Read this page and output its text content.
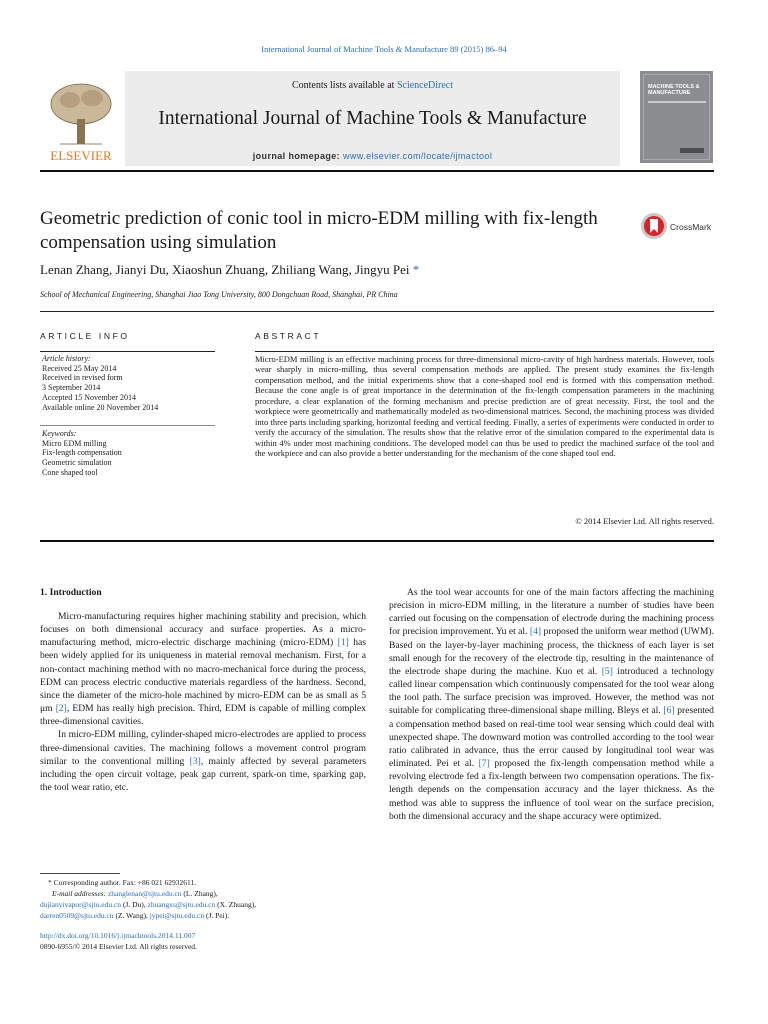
International Journal of Machine Tools & Manufacture 89 (2015) 86–94
ELSEVIER
Contents lists available at ScienceDirect
International Journal of Machine Tools & Manufacture
journal homepage: www.elsevier.com/locate/ijmactool
MACHINE TOOLS & MANUFACTURE
Geometric prediction of conic tool in micro-EDM milling with fix-length compensation using simulation
CrossMark
Lenan Zhang, Jianyi Du, Xiaoshun Zhuang, Zhiliang Wang, Jingyu Pei *
School of Mechanical Engineering, Shanghai Jiao Tong University, 800 Dongchuan Road, Shanghai, PR China
ARTICLE INFO	ABSTRACT
Article history:
Received 25 May 2014
Received in revised form
3 September 2014
Accepted 15 November 2014
Available online 20 November 2014
Keywords:
Micro EDM milling
Fix-length compensation
Geometric simulation
Cone shaped tool
Micro-EDM milling is an effective machining process for three-dimensional micro-cavity of high hardness materials. However, tools wear sharply in micro-milling, thus several compensation methods are applied. The present study examines the fix-length compensation method, and the initial experiments show that a cone-shaped tool end is formed with this compensation method. Because the cone angle is of great importance in the determination of the fix-length compensation parameters in the machining procedure, a clear explanation of the forming mechanism and precise prediction are of great necessity. First, the tool and the workpiece were geometrically and mathematically modeled as two-dimensional matrices. Second, the machining process was divided into three parts including sparking, horizontal feeding and vertical feeding. Finally, a series of experiments were conducted in order to verify the accuracy of the simulation. The results show that the relative error of the simulation compared to the experimental data is within 4% under most machining conditions. The developed model can thus be used to predict the machined surface of the tool and the workpiece and can also provide a better understanding for the mechanism of the cone shaped tool end.
© 2014 Elsevier Ltd. All rights reserved.
1. Introduction

Micro-manufacturing requires higher machining stability and precision, which focuses on both dimensional accuracy and surface properties. As a micro-manufacturing method, micro-electric discharge machining (micro-EDM) [1] has been widely applied for its uniqueness in material removal mechanism. First, for a non-contact machining method with no macro-mechanical force during the process, EDM can process electric conductive materials regardless of the hardness. Second, since the diameter of the micro-hole machined by micro-EDM can be as small as 5 μm [2], EDM has really high precision. Third, EDM is capable of milling complex three-dimensional cavities.

In micro-EDM milling, cylinder-shaped micro-electrodes are applied to process three-dimensional cavities. The machining follows a movement control program similar to the conventional milling [3], mainly affected by several parameters including the open circuit voltage, peak gap current, spark-on time, sparking gap, the tool wear ratio, etc.

As the tool wear accounts for one of the main factors affecting the machining precision in micro-EDM milling, in the literature a number of studies have been carried out focusing on the compensation of electrode during the machining process for precision improvement. Yu et al. [4] proposed the uniform wear method (UWM). Based on the layer-by-layer machining process, the thickness of each layer is set small enough for the recovery of the electrode tip, resulting in the maintenance of the electrode shape during the machine. Kuo et al. [5] introduced a technology called linear compensation which continuously compensated for the tool wear along the tool path. The surface precision was improved. However, the method was not suitable for complicating three-dimensional shape milling. Bleys et al. [6] presented a compensation method based on real-time tool wear sensing which could deal with unexpected shape. The downward motion was controlled according to the tool wear ratio calibrated in advance, thus the error caused by longitudinal tool wear was eliminated. Pei et al. [7] proposed the fix-length compensation method while a revolving electrode fed a fix-length between two compensation operations. The fix-length depends on the compensation accuracy and the layer thickness. As the method was able to suppress the influence of tool wear on the surface precision, both the dimensional accuracy and the shape accuracy were optimized.

* Corresponding author. Fax: +86 021 62932611.
E-mail addresses: zhanglenan@sjtu.edu.cn (L. Zhang),
dujianyivapor@sjtu.edu.cn (J. Du), zhuangxs@sjtu.edu.cn (X. Zhuang),
darren0509@sjtu.edu.cn (Z. Wang), jypei@sjtu.edu.cn (J. Pei).
http://dx.doi.org/10.1016/j.ijmachtools.2014.11.007
0890-6955/© 2014 Elsevier Ltd. All rights reserved.
